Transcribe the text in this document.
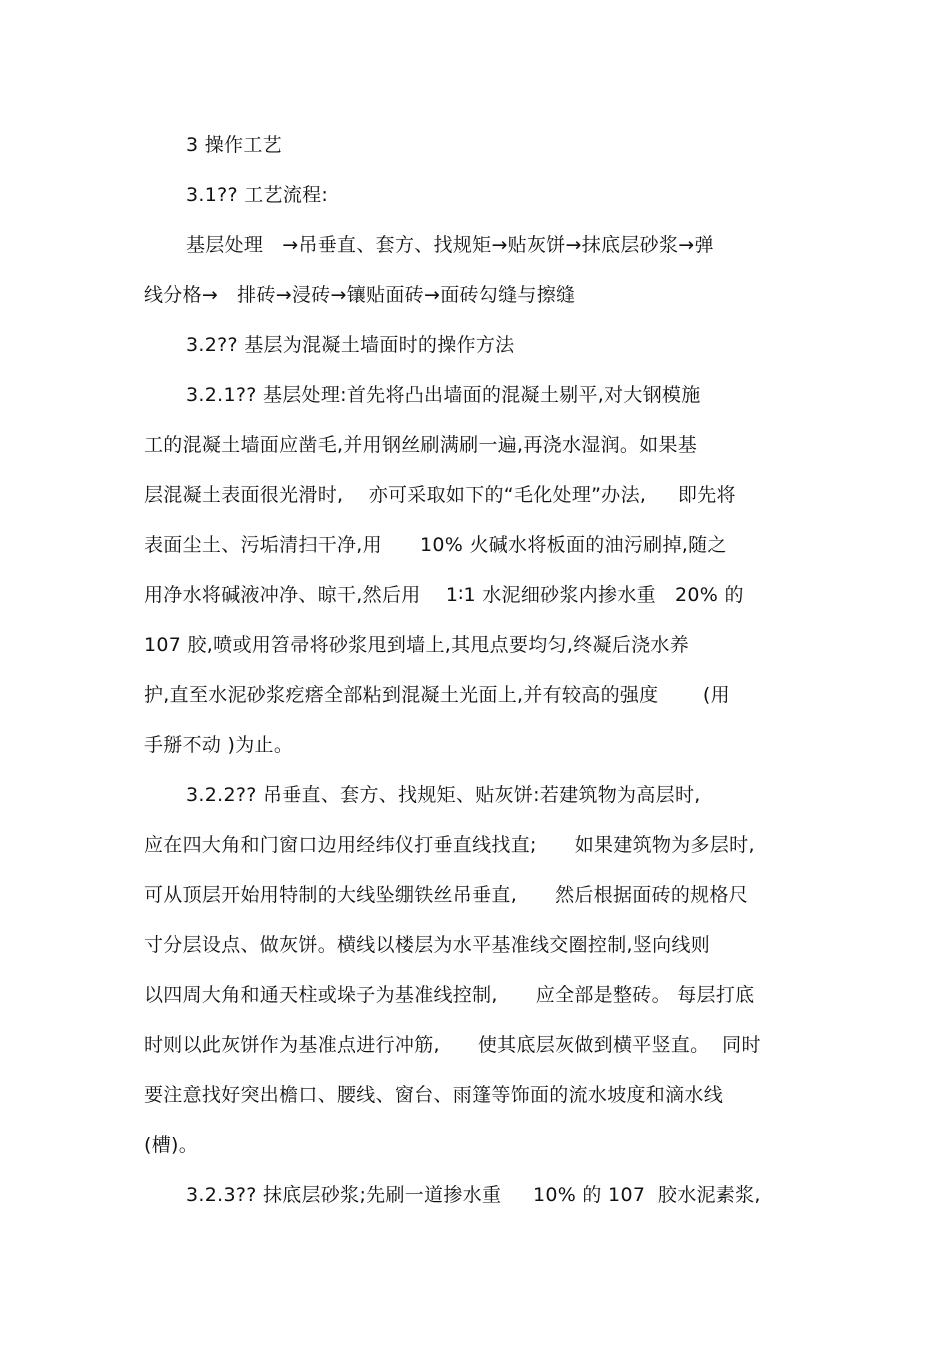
3 操作工艺
3.1?? 工艺流程:
基层处理   →吊垂直、套方、找规矩→贴灰饼→抹底层砂浆→弹
线分格→   排砖→浸砖→镶贴面砖→面砖勾缝与擦缝
3.2?? 基层为混凝土墙面时的操作方法
3.2.1?? 基层处理:首先将凸出墙面的混凝土剔平,对大钢模施
工的混凝土墙面应凿毛,并用钢丝刷满刷一遍,再浇水湿润。如果基
层混凝土表面很光滑时,    亦可采取如下的“毛化处理”办法,     即先将
表面尘土、污垢清扫干净,用      10% 火碱水将板面的油污刷掉,随之
用净水将碱液冲净、晾干,然后用    1∶1 水泥细砂浆内掺水重   20% 的
107 胶,喷或用笤帚将砂浆甩到墙上,其甩点要均匀,终凝后浇水养
护,直至水泥砂浆疙瘩全部粘到混凝土光面上,并有较高的强度       (用
手掰不动 )为止。
3.2.2?? 吊垂直、套方、找规矩、贴灰饼:若建筑物为高层时,
应在四大角和门窗口边用经纬仪打垂直线找直;      如果建筑物为多层时,
可从顶层开始用特制的大线坠绷铁丝吊垂直,      然后根据面砖的规格尺
寸分层设点、做灰饼。横线以楼层为水平基准线交圈控制,竖向线则
以四周大角和通天柱或垛子为基准线控制,      应全部是整砖。 每层打底
时则以此灰饼作为基准点进行冲筋,      使其底层灰做到横平竖直。  同时
要注意找好突出檐口、腰线、窗台、雨篷等饰面的流水坡度和滴水线
(槽)。
3.2.3?? 抹底层砂浆;先刷一道掺水重     10% 的 107  胶水泥素浆,
